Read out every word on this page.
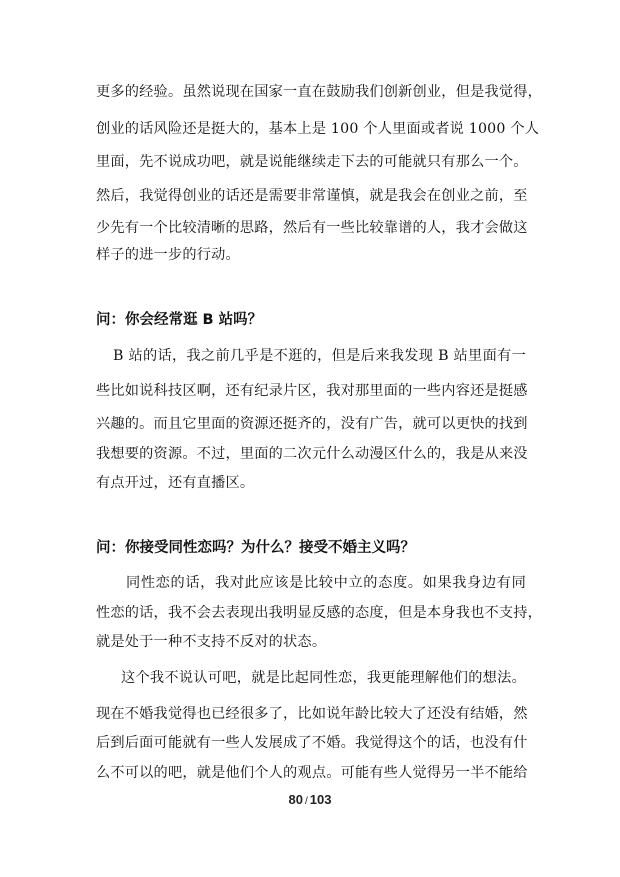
更多的经验。虽然说现在国家一直在鼓励我们创新创业，但是我觉得，
创业的话风险还是挺大的，基本上是 100 个人里面或者说 1000 个人
里面，先不说成功吧，就是说能继续走下去的可能就只有那么一个。
然后，我觉得创业的话还是需要非常谨慎，就是我会在创业之前，至
少先有一个比较清晰的思路，然后有一些比较靠谱的人，我才会做这
样子的进一步的行动。
问：你会经常逛 B 站吗？
B 站的话，我之前几乎是不逛的，但是后来我发现 B 站里面有一
些比如说科技区啊，还有纪录片区，我对那里面的一些内容还是挺感
兴趣的。而且它里面的资源还挺齐的，没有广告，就可以更快的找到
我想要的资源。不过，里面的二次元什么动漫区什么的，我是从来没
有点开过，还有直播区。
问：你接受同性恋吗？为什么？接受不婚主义吗？
同性恋的话，我对此应该是比较中立的态度。如果我身边有同
性恋的话，我不会去表现出我明显反感的态度，但是本身我也不支持，
就是处于一种不支持不反对的状态。
这个我不说认可吧，就是比起同性恋，我更能理解他们的想法。
现在不婚我觉得也已经很多了，比如说年龄比较大了还没有结婚，然
后到后面可能就有一些人发展成了不婚。我觉得这个的话，也没有什
么不可以的吧，就是他们个人的观点。可能有些人觉得另一半不能给
80 / 103
